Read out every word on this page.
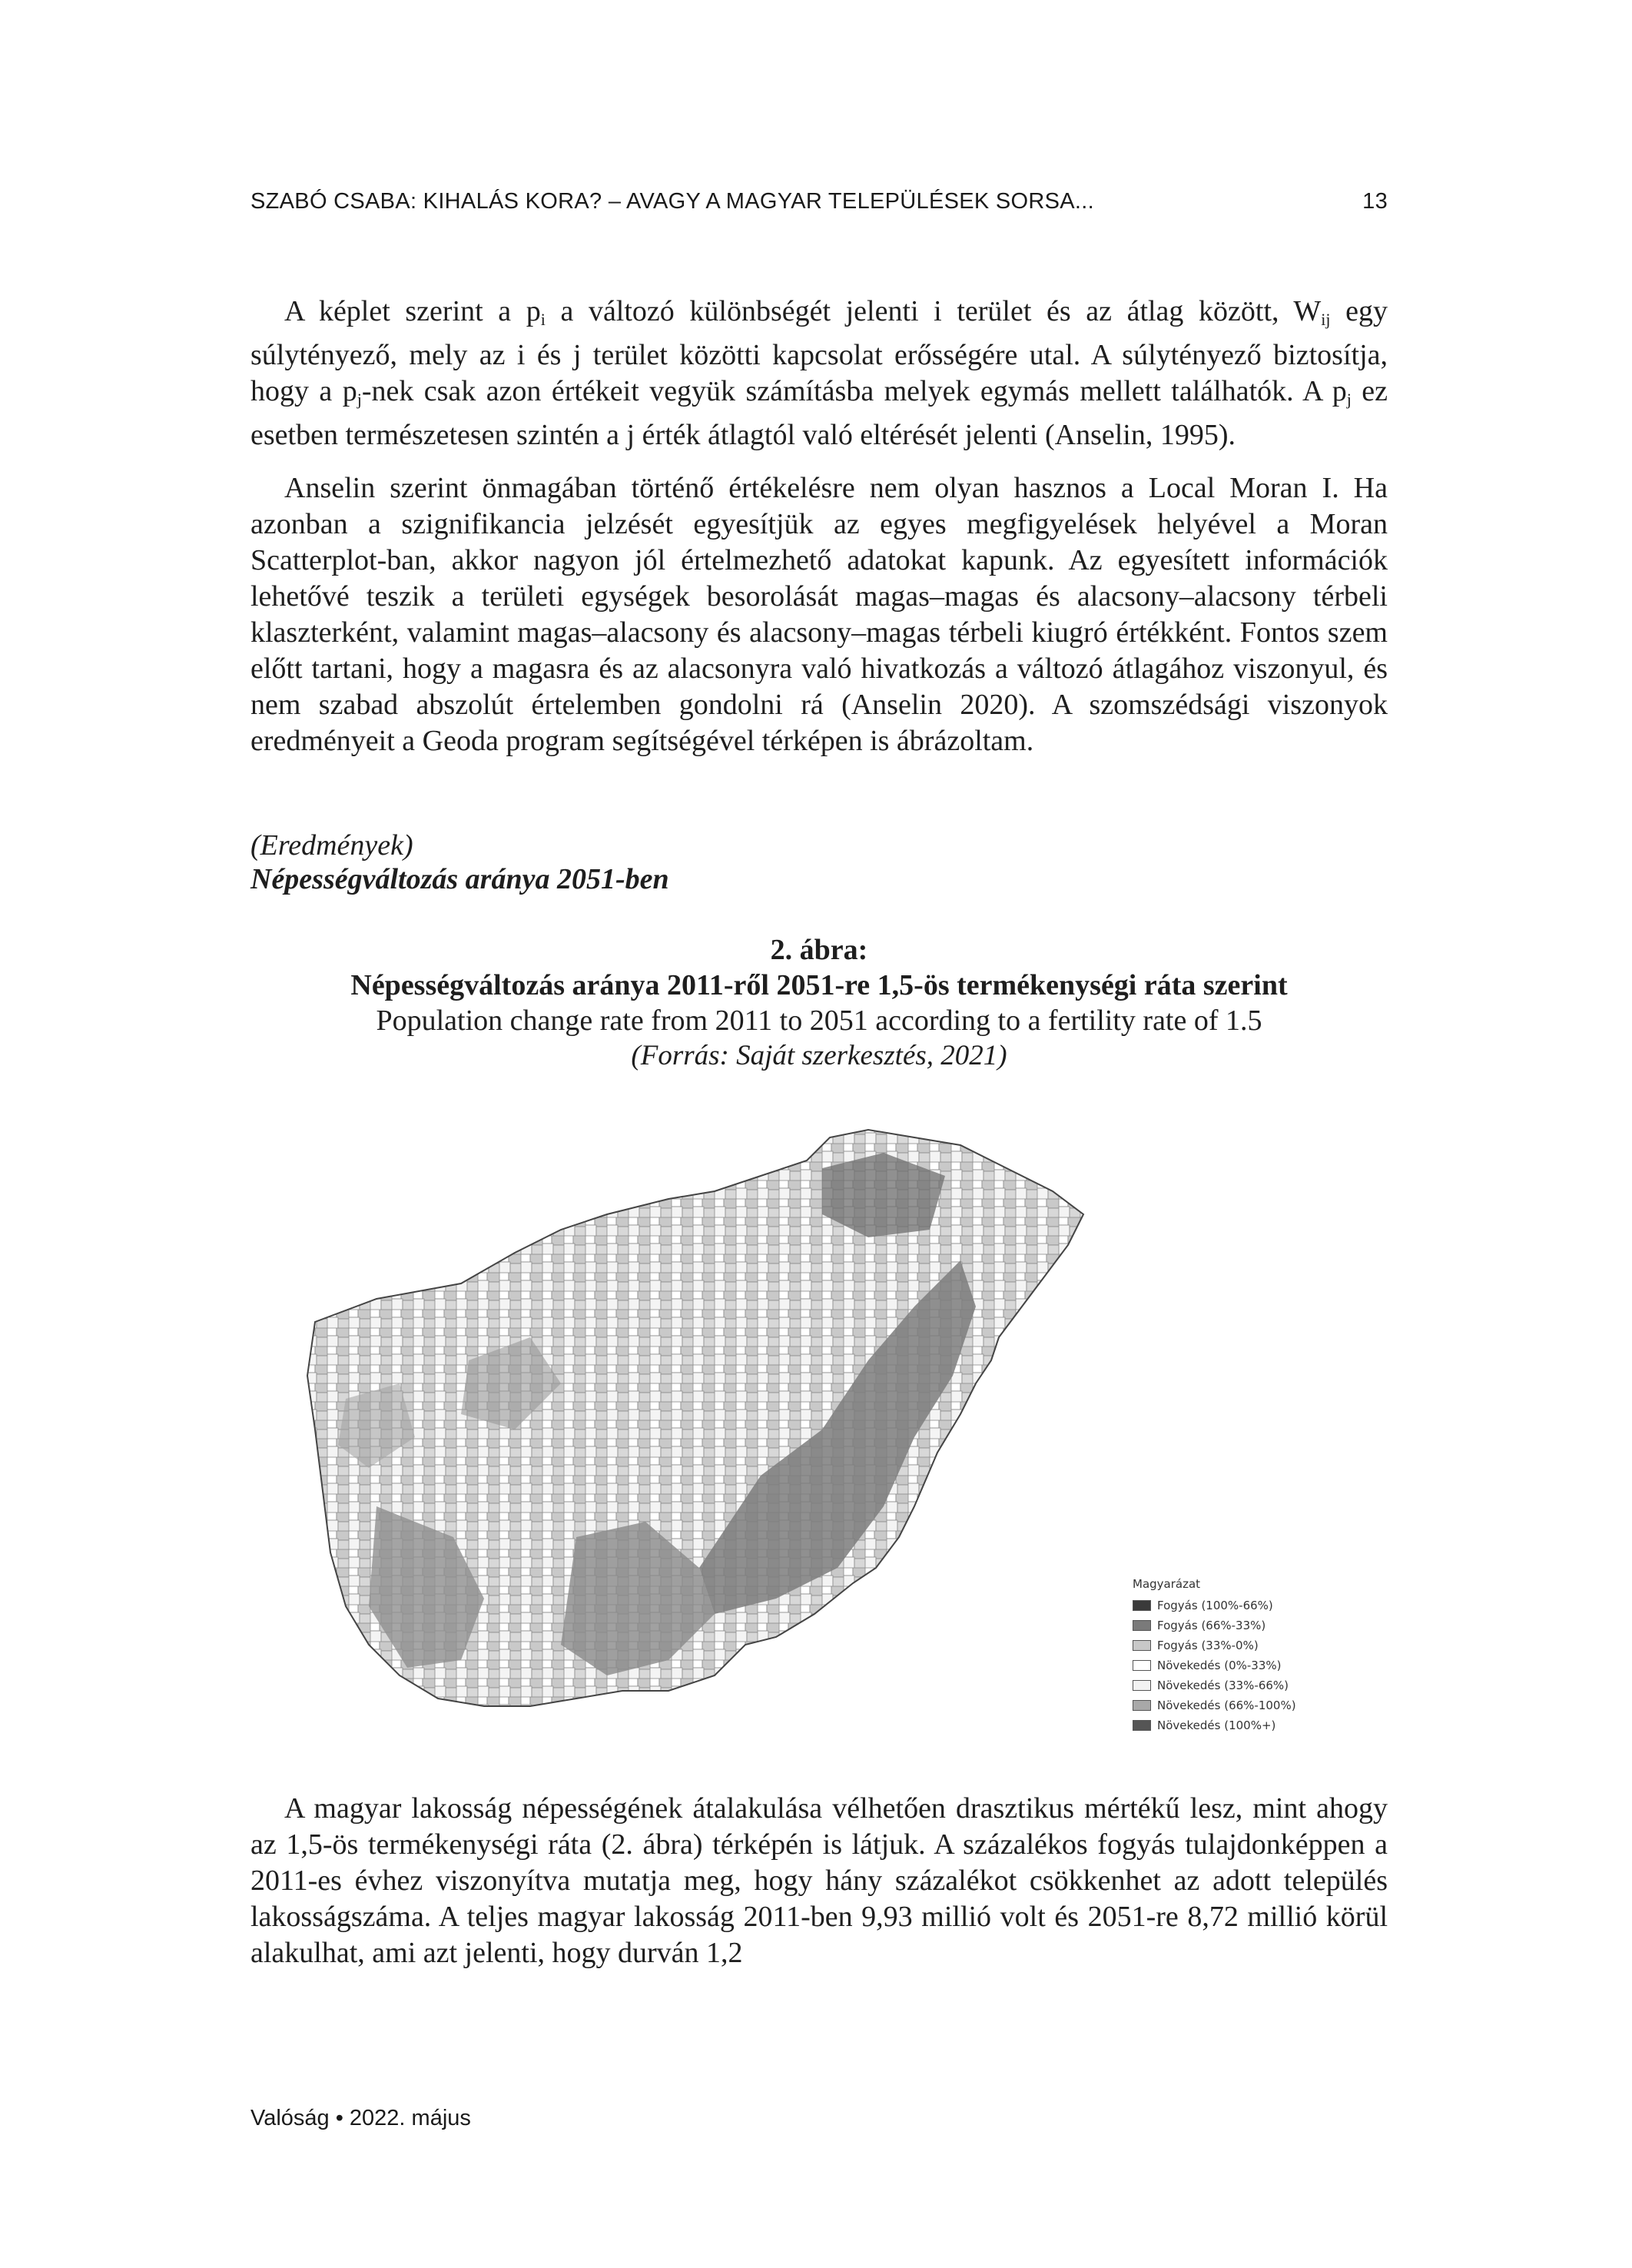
SZABÓ CSABA: KIHALÁS KORA? – AVAGY A MAGYAR TELEPÜLÉSEK SORSA...	13

A képlet szerint a $p_i$ a változó különbségét jelenti i terület és az átlag között, $W_{ij}$ egy súlytényező, mely az i és j terület közötti kapcsolat erősségére utal. A súlytényező biztosítja, hogy a $p_j$-nek csak azon értékeit vegyük számításba melyek egymás mellett találhatók. A $p_j$ ez esetben természetesen szintén a j érték átlagtól való eltérését jelenti (Anselin, 1995).

Anselin szerint önmagában történő értékelésre nem olyan hasznos a Local Moran I. Ha azonban a szignifikancia jelzését egyesítjük az egyes megfigyelések helyével a Moran Scatterplot-ban, akkor nagyon jól értelmezhető adatokat kapunk. Az egyesített információk lehetővé teszik a területi egységek besorolását magas–magas és alacsony–alacsony térbeli klaszterként, valamint magas–alacsony és alacsony–magas térbeli kiugró értékként. Fontos szem előtt tartani, hogy a magasra és az alacsonyra való hivatkozás a változó átlagához viszonyul, és nem szabad abszolút értelemben gondolni rá (Anselin 2020). A szomszédsági viszonyok eredményeit a Geoda program segítségével térképen is ábrázoltam.

(Eredmények)
Népességváltozás aránya 2051-ben
2. ábra:
Népességváltozás aránya 2011-ről 2051-re 1,5-ös termékenységi ráta szerint
Population change rate from 2011 to 2051 according to a fertility rate of 1.5
(Forrás: Saját szerkesztés, 2021)
Magyarázat
Fogyás (100%-66%)
Fogyás (66%-33%)
Fogyás (33%-0%)
Növekedés (0%-33%)
Növekedés (33%-66%)
Növekedés (66%-100%)
Növekedés (100%+)

A magyar lakosság népességének átalakulása vélhetően drasztikus mértékű lesz, mint ahogy az 1,5-ös termékenységi ráta (2. ábra) térképén is látjuk. A százalékos fogyás tulajdonképpen a 2011-es évhez viszonyítva mutatja meg, hogy hány százalékot csökkenhet az adott település lakosságszáma. A teljes magyar lakosság 2011-ben 9,93 millió volt és 2051-re 8,72 millió körül alakulhat, ami azt jelenti, hogy durván 1,2

Valóság • 2022. május
